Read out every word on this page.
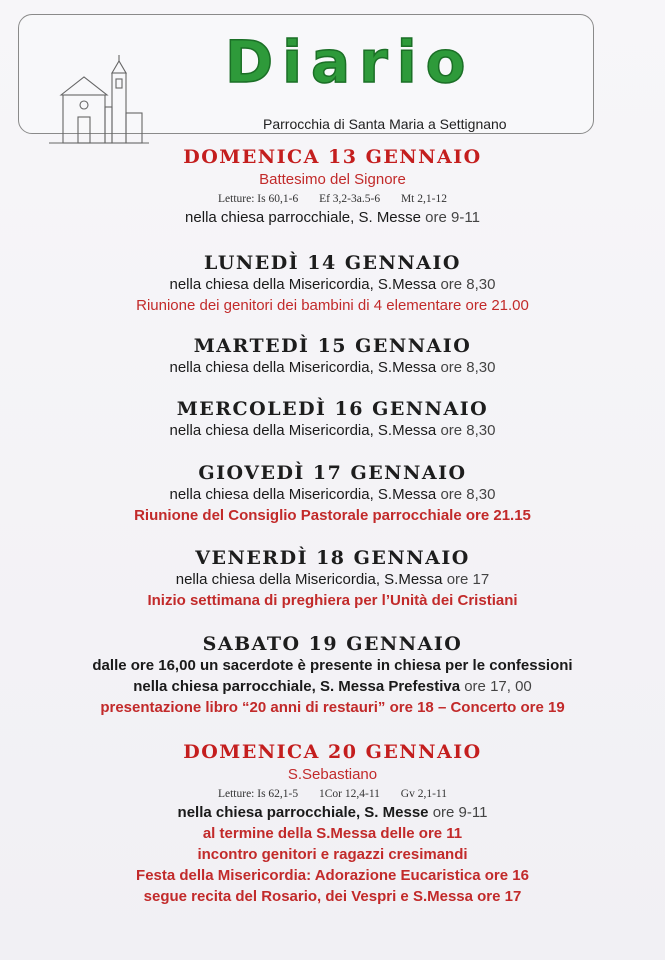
Diario
Parrocchia di Santa Maria a Settignano
DOMENICA 13 GENNAIO
Battesimo del Signore
Letture: Is 60,1-6 Ef 3,2-3a.5-6 Mt 2,1-12
nella chiesa parrocchiale, S. Messe ore 9-11
LUNEDÌ 14 GENNAIO
nella chiesa della Misericordia, S.Messa ore 8,30
Riunione dei genitori dei bambini di 4 elementare ore 21.00
MARTEDÌ 15 GENNAIO
nella chiesa della Misericordia, S.Messa ore 8,30
MERCOLEDÌ 16 GENNAIO
nella chiesa della Misericordia, S.Messa ore 8,30
GIOVEDÌ 17 GENNAIO
nella chiesa della Misericordia, S.Messa ore 8,30
Riunione del Consiglio Pastorale parrocchiale ore 21.15
VENERDÌ 18 GENNAIO
nella chiesa della Misericordia, S.Messa ore 17
Inizio settimana di preghiera per l’Unità dei Cristiani
SABATO 19 GENNAIO
dalle ore 16,00 un sacerdote è presente in chiesa per le confessioni
nella chiesa parrocchiale, S. Messa Prefestiva ore 17, 00
presentazione libro “20 anni di restauri” ore 18 – Concerto ore 19
DOMENICA 20 GENNAIO
S.Sebastiano
Letture: Is 62,1-5 1Cor 12,4-11 Gv 2,1-11
nella chiesa parrocchiale, S. Messe ore 9-11
al termine della S.Messa delle ore 11
incontro genitori e ragazzi cresimandi
Festa della Misericordia: Adorazione Eucaristica ore 16
segue recita del Rosario, dei Vespri e S.Messa ore 17
